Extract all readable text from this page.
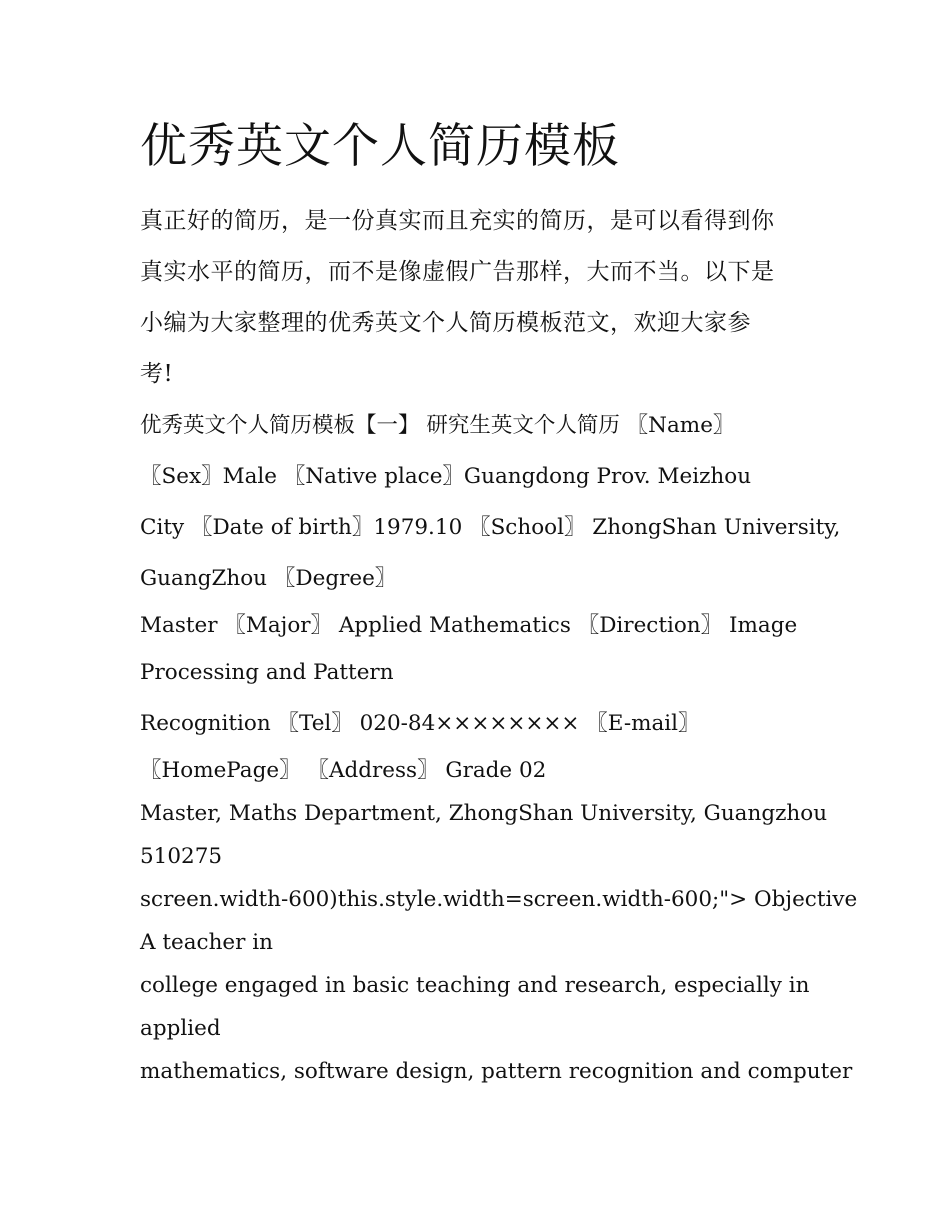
优秀英文个人简历模板
真正好的简历，是一份真实而且充实的简历，是可以看得到你
真实水平的简历，而不是像虚假广告那样，大而不当。以下是
小编为大家整理的优秀英文个人简历模板范文，欢迎大家参
考!
优秀英文个人简历模板【一】 研究生英文个人简历 〖Name〗
〖Sex〗Male 〖Native place〗Guangdong Prov. Meizhou
City 〖Date of birth〗1979.10 〖School〗 ZhongShan University,
GuangZhou 〖Degree〗
Master 〖Major〗 Applied Mathematics 〖Direction〗 Image
Processing and Pattern
Recognition 〖Tel〗 020-84×××××××× 〖E-mail〗
〖HomePage〗 〖Address〗 Grade 02
Master, Maths Department, ZhongShan University, Guangzhou
510275
screen.width-600)this.style.width=screen.width-600;"> Objective
A teacher in
college engaged in basic teaching and research, especially in
applied
mathematics, software design, pattern recognition and computer
